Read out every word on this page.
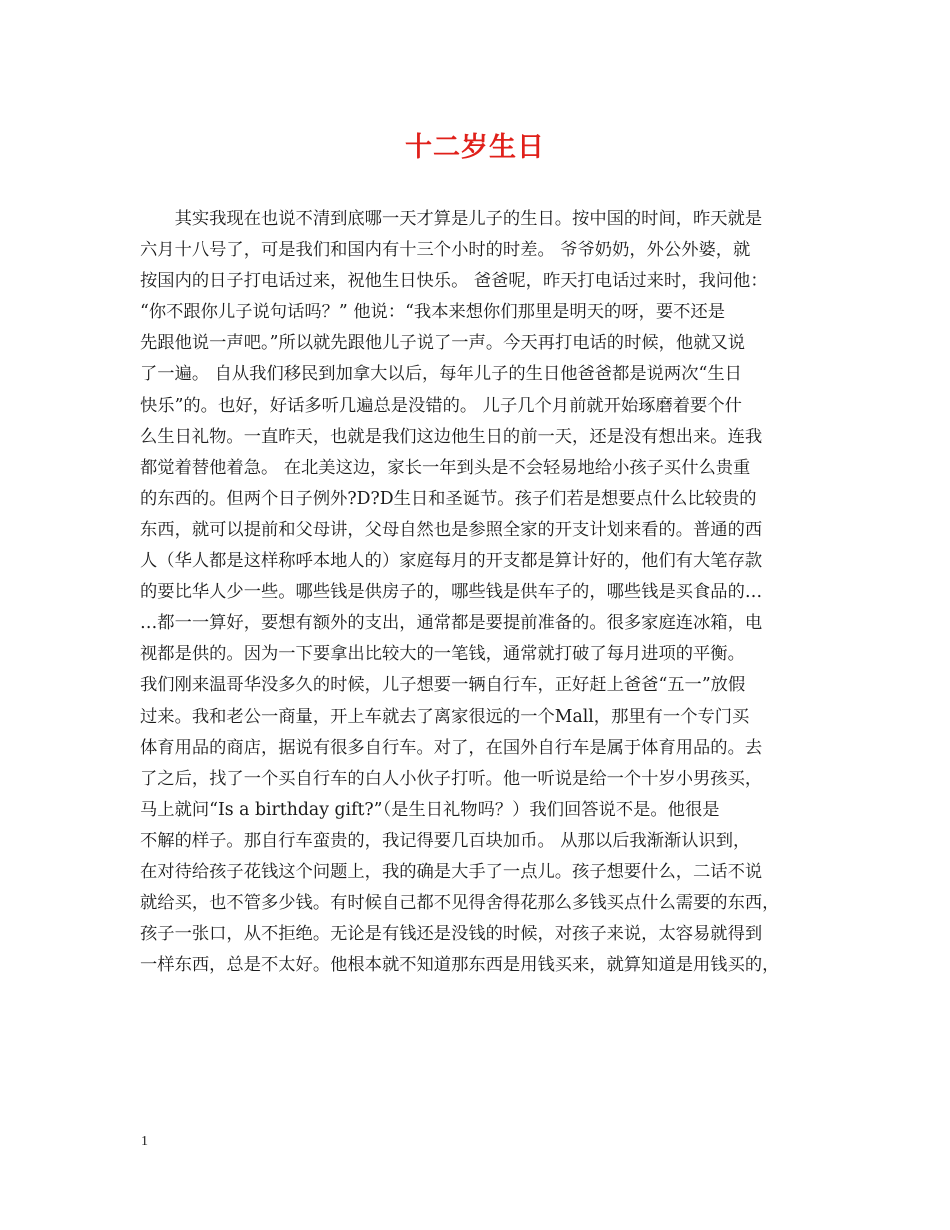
十二岁生日
　　其实我现在也说不清到底哪一天才算是儿子的生日。按中国的时间，昨天就是
六月十八号了，可是我们和国内有十三个小时的时差。 爷爷奶奶，外公外婆，就
按国内的日子打电话过来，祝他生日快乐。 爸爸呢，昨天打电话过来时，我问他：
“你不跟你儿子说句话吗？” 他说：“我本来想你们那里是明天的呀，要不还是
先跟他说一声吧。”所以就先跟他儿子说了一声。今天再打电话的时候，他就又说
了一遍。 自从我们移民到加拿大以后，每年儿子的生日他爸爸都是说两次“生日
快乐”的。也好，好话多听几遍总是没错的。 儿子几个月前就开始琢磨着要个什
么生日礼物。一直昨天，也就是我们这边他生日的前一天，还是没有想出来。连我
都觉着替他着急。 在北美这边，家长一年到头是不会轻易地给小孩子买什么贵重
的东西的。但两个日子例外?D?D生日和圣诞节。孩子们若是想要点什么比较贵的
东西，就可以提前和父母讲，父母自然也是参照全家的开支计划来看的。普通的西
人（华人都是这样称呼本地人的）家庭每月的开支都是算计好的，他们有大笔存款
的要比华人少一些。哪些钱是供房子的，哪些钱是供车子的，哪些钱是买食品的…
…都一一算好，要想有额外的支出，通常都是要提前准备的。很多家庭连冰箱，电
视都是供的。因为一下要拿出比较大的一笔钱，通常就打破了每月进项的平衡。
我们刚来温哥华没多久的时候，儿子想要一辆自行车，正好赶上爸爸“五一”放假
过来。我和老公一商量，开上车就去了离家很远的一个Mall，那里有一个专门买
体育用品的商店，据说有很多自行车。对了，在国外自行车是属于体育用品的。去
了之后，找了一个买自行车的白人小伙子打听。他一听说是给一个十岁小男孩买，
马上就问“Is a birthday gift?”（是生日礼物吗？）我们回答说不是。他很是
不解的样子。那自行车蛮贵的，我记得要几百块加币。 从那以后我渐渐认识到，
在对待给孩子花钱这个问题上，我的确是大手了一点儿。孩子想要什么，二话不说
就给买，也不管多少钱。有时候自己都不见得舍得花那么多钱买点什么需要的东西，
孩子一张口，从不拒绝。无论是有钱还是没钱的时候，对孩子来说，太容易就得到
一样东西，总是不太好。他根本就不知道那东西是用钱买来，就算知道是用钱买的，
1
